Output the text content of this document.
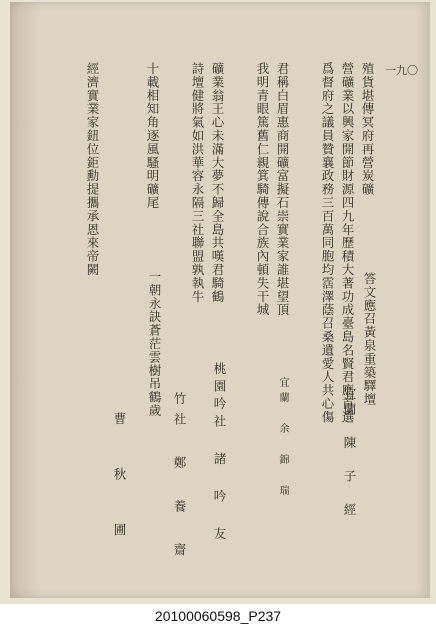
一九〇
殖貨堪傳冥府再營炭礦
營礦業以興家開節財源四九年歷積大著功成臺島名賢君應首選
爲督府之議員贊襄政務三百萬同胞均霑澤蔭召桑遺愛人共心傷 答文應召黃泉重築驛壇
宜蘭 陳 子 經
君稱白眉惠商開礦富擬石崇實業家誰堪望頂
我明青眼篤舊仁親箕騎傳說合族內頓失干城
宜蘭 余 錦 瑞
礦業翁王心未滿大夢不歸全島共嘆君騎鶴
詩壇健將氣如洪華容永隔三社聯盟孰執牛
桃園吟社 諸 吟 友
十載相知角逐風騷明礦尾
一朝永訣蒼茫雲樹吊鶴歲
竹社 鄭 養 齋
經濟實業家鈕位鉅勳提攜承恩來帝闕
曹 秋 圃
20100060598_P237
